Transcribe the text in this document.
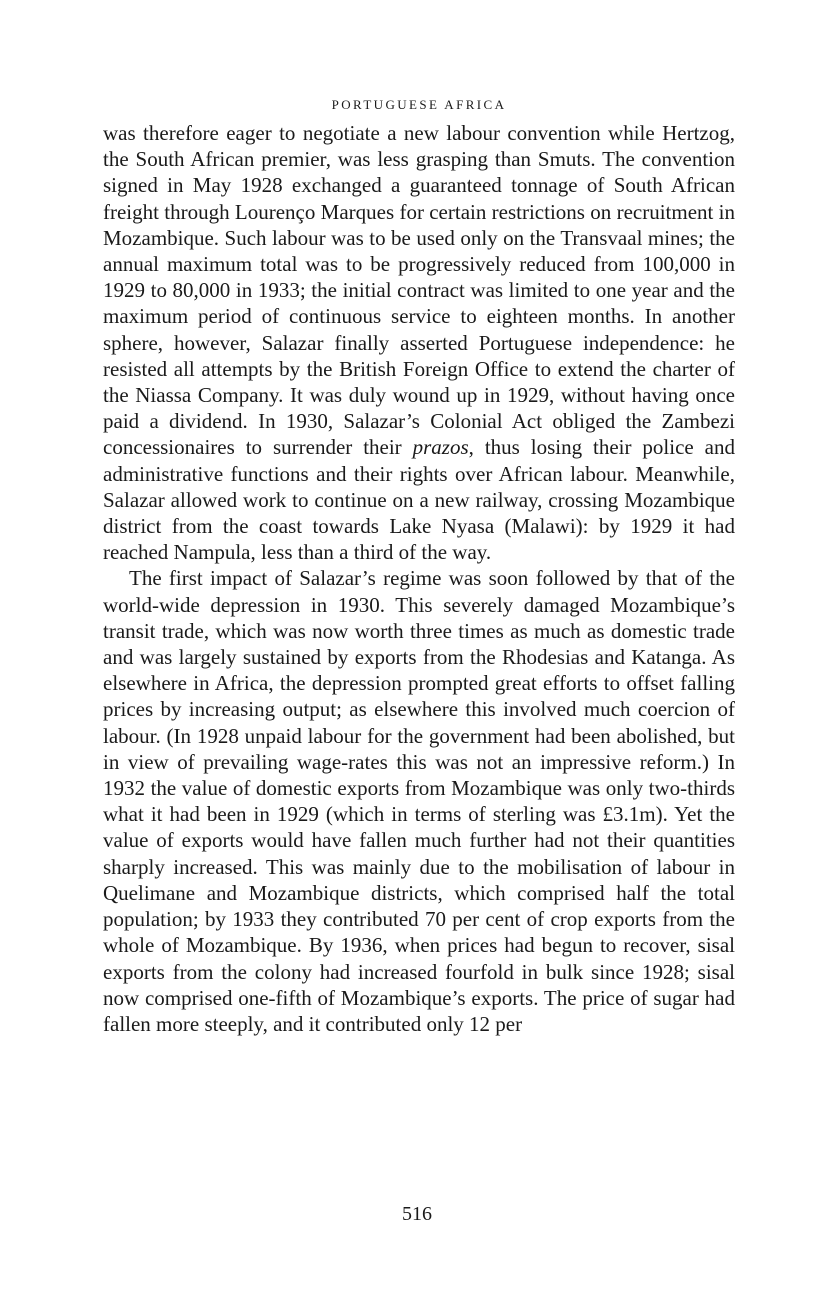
PORTUGUESE AFRICA

was therefore eager to negotiate a new labour convention while Hertzog, the South African premier, was less grasping than Smuts. The convention signed in May 1928 exchanged a guaranteed tonnage of South African freight through Lourenço Marques for certain restrictions on recruitment in Mozambique. Such labour was to be used only on the Transvaal mines; the annual maximum total was to be progressively reduced from 100,000 in 1929 to 80,000 in 1933; the initial contract was limited to one year and the maximum period of continuous service to eighteen months. In another sphere, however, Salazar finally asserted Portuguese independence: he resisted all attempts by the British Foreign Office to extend the charter of the Niassa Company. It was duly wound up in 1929, without having once paid a dividend. In 1930, Salazar’s Colonial Act obliged the Zambezi concessionaires to surrender their prazos, thus losing their police and administrative functions and their rights over African labour. Meanwhile, Salazar allowed work to continue on a new railway, crossing Mozambique district from the coast towards Lake Nyasa (Malawi): by 1929 it had reached Nampula, less than a third of the way.

The first impact of Salazar’s regime was soon followed by that of the world-wide depression in 1930. This severely damaged Mozambique’s transit trade, which was now worth three times as much as domestic trade and was largely sustained by exports from the Rhodesias and Katanga. As elsewhere in Africa, the depression prompted great efforts to offset falling prices by increasing output; as elsewhere this involved much coercion of labour. (In 1928 unpaid labour for the government had been abolished, but in view of prevailing wage-rates this was not an impressive reform.) In 1932 the value of domestic exports from Mozambique was only two-thirds what it had been in 1929 (which in terms of sterling was £3.1m). Yet the value of exports would have fallen much further had not their quantities sharply increased. This was mainly due to the mobilisation of labour in Quelimane and Mozambique districts, which comprised half the total population; by 1933 they contributed 70 per cent of crop exports from the whole of Mozambique. By 1936, when prices had begun to recover, sisal exports from the colony had increased fourfold in bulk since 1928; sisal now comprised one-fifth of Mozambique’s exports. The price of sugar had fallen more steeply, and it contributed only 12 per

516
